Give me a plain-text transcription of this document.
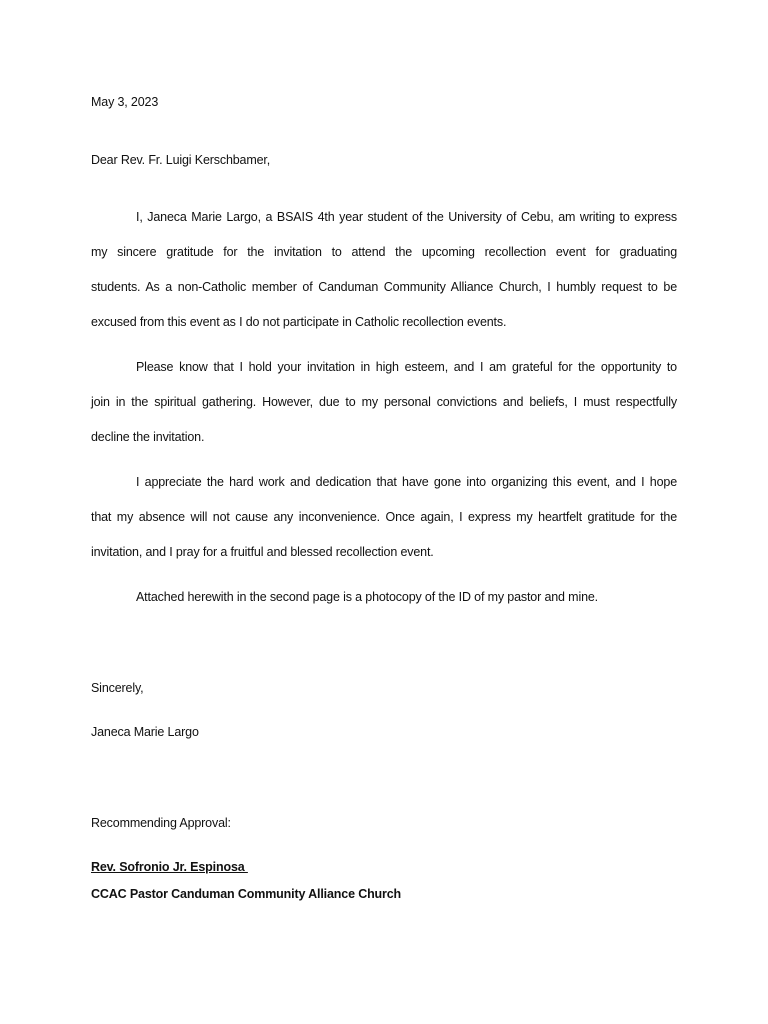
May 3, 2023
Dear Rev. Fr. Luigi Kerschbamer,
I, Janeca Marie Largo, a BSAIS 4th year student of the University of Cebu, am writing to express
my sincere gratitude for the invitation to attend the upcoming recollection event for graduating
students. As a non-Catholic member of Canduman Community Alliance Church, I humbly request to be
excused from this event as I do not participate in Catholic recollection events.
Please know that I hold your invitation in high esteem, and I am grateful for the opportunity to
join in the spiritual gathering. However, due to my personal convictions and beliefs, I must respectfully
decline the invitation.
I appreciate the hard work and dedication that have gone into organizing this event, and I hope
that my absence will not cause any inconvenience. Once again, I express my heartfelt gratitude for the
invitation, and I pray for a fruitful and blessed recollection event.
Attached herewith in the second page is a photocopy of the ID of my pastor and mine.
Sincerely,
Janeca Marie Largo
Recommending Approval:
Rev. Sofronio Jr. Espinosa
CCAC Pastor Canduman Community Alliance Church
